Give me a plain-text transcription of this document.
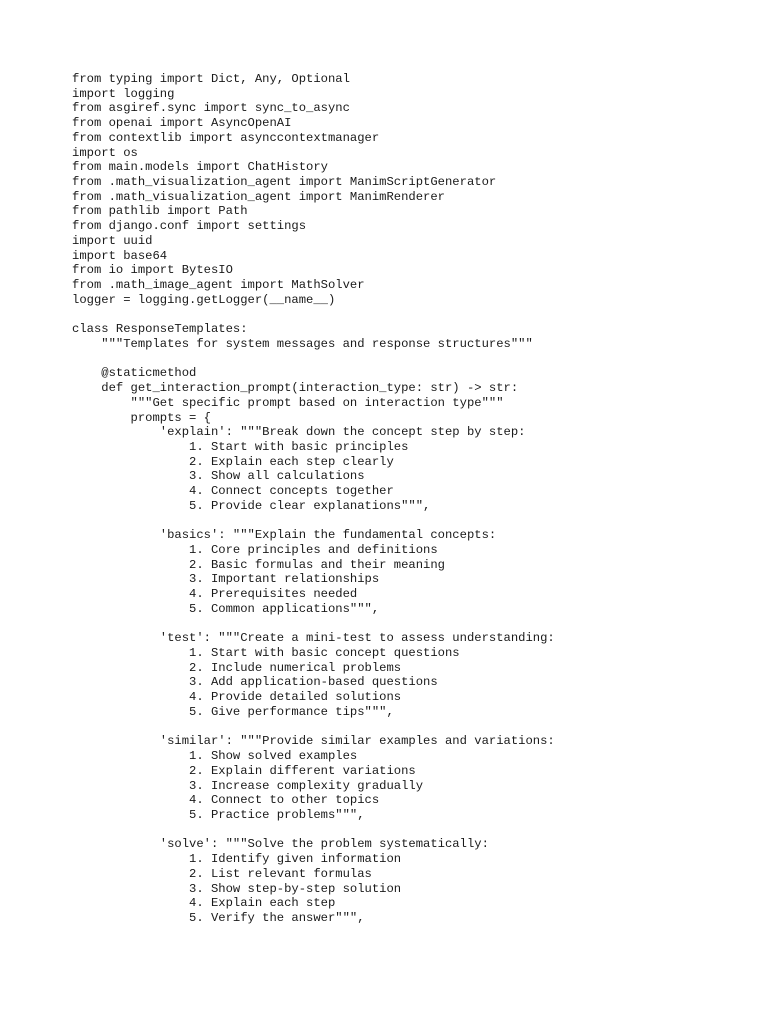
from typing import Dict, Any, Optional
import logging
from asgiref.sync import sync_to_async
from openai import AsyncOpenAI
from contextlib import asynccontextmanager
import os
from main.models import ChatHistory
from .math_visualization_agent import ManimScriptGenerator
from .math_visualization_agent import ManimRenderer
from pathlib import Path
from django.conf import settings
import uuid
import base64
from io import BytesIO
from .math_image_agent import MathSolver
logger = logging.getLogger(__name__)
class ResponseTemplates:
"""Templates for system messages and response structures"""
@staticmethod
def get_interaction_prompt(interaction_type: str) -> str:
"""Get specific prompt based on interaction type"""
prompts = {
'explain': """Break down the concept step by step:
1. Start with basic principles
2. Explain each step clearly
3. Show all calculations
4. Connect concepts together
5. Provide clear explanations""",
'basics': """Explain the fundamental concepts:
1. Core principles and definitions
2. Basic formulas and their meaning
3. Important relationships
4. Prerequisites needed
5. Common applications""",
'test': """Create a mini-test to assess understanding:
1. Start with basic concept questions
2. Include numerical problems
3. Add application-based questions
4. Provide detailed solutions
5. Give performance tips""",
'similar': """Provide similar examples and variations:
1. Show solved examples
2. Explain different variations
3. Increase complexity gradually
4. Connect to other topics
5. Practice problems""",
'solve': """Solve the problem systematically:
1. Identify given information
2. List relevant formulas
3. Show step-by-step solution
4. Explain each step
5. Verify the answer""",
